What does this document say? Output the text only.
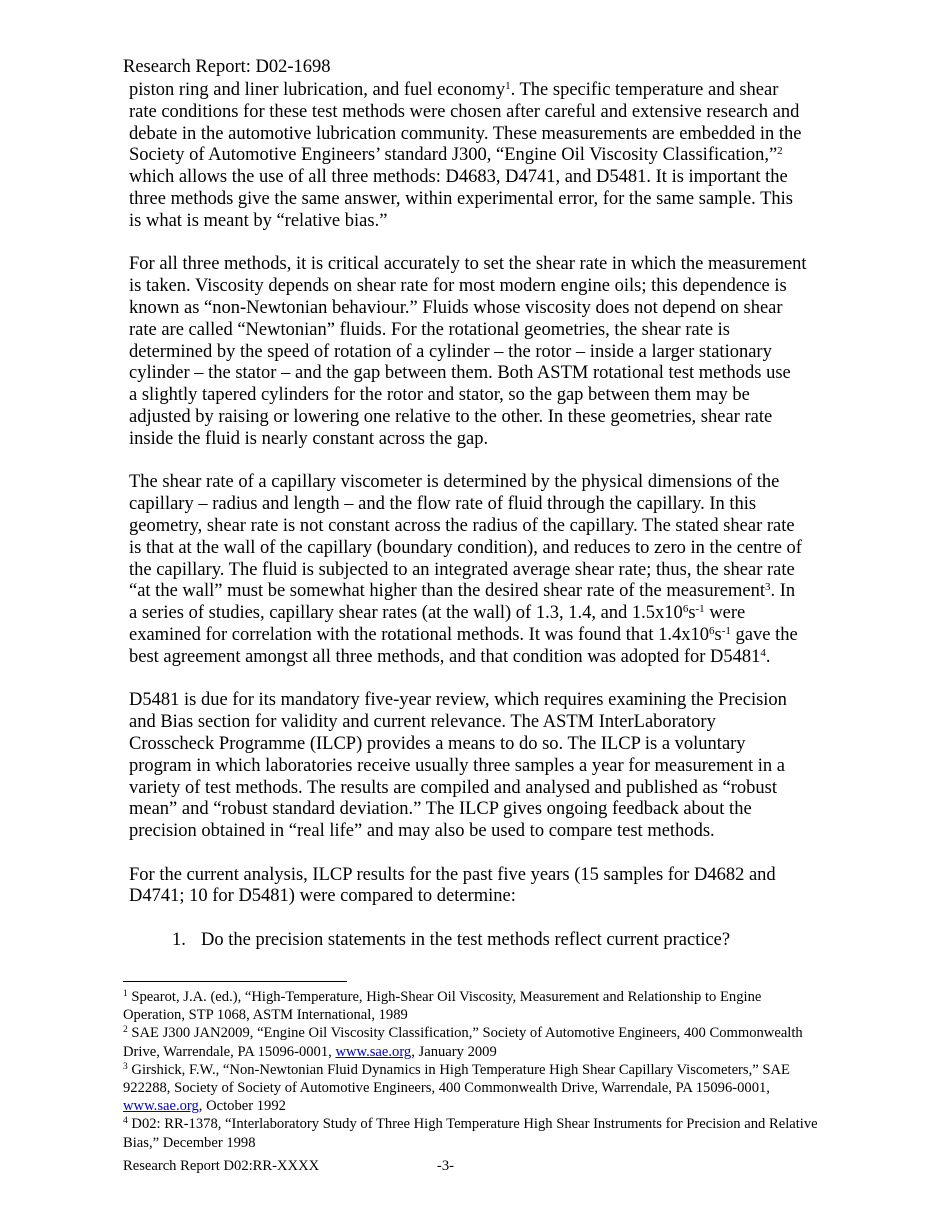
Research Report: D02-1698
piston ring and liner lubrication, and fuel economy$^1$. The specific temperature and shear
rate conditions for these test methods were chosen after careful and extensive research and
debate in the automotive lubrication community. These measurements are embedded in the
Society of Automotive Engineers’ standard J300, “Engine Oil Viscosity Classification,”$^2$
which allows the use of all three methods: D4683, D4741, and D5481. It is important the
three methods give the same answer, within experimental error, for the same sample. This
is what is meant by “relative bias.”
For all three methods, it is critical accurately to set the shear rate in which the measurement
is taken. Viscosity depends on shear rate for most modern engine oils; this dependence is
known as “non-Newtonian behaviour.” Fluids whose viscosity does not depend on shear
rate are called “Newtonian” fluids. For the rotational geometries, the shear rate is
determined by the speed of rotation of a cylinder – the rotor – inside a larger stationary
cylinder – the stator – and the gap between them. Both ASTM rotational test methods use
a slightly tapered cylinders for the rotor and stator, so the gap between them may be
adjusted by raising or lowering one relative to the other. In these geometries, shear rate
inside the fluid is nearly constant across the gap.
The shear rate of a capillary viscometer is determined by the physical dimensions of the
capillary – radius and length – and the flow rate of fluid through the capillary. In this
geometry, shear rate is not constant across the radius of the capillary. The stated shear rate
is that at the wall of the capillary (boundary condition), and reduces to zero in the centre of
the capillary. The fluid is subjected to an integrated average shear rate; thus, the shear rate
“at the wall” must be somewhat higher than the desired shear rate of the measurement$^3$. In
a series of studies, capillary shear rates (at the wall) of 1.3, 1.4, and $1.5x10^6s^{-1}$ were
examined for correlation with the rotational methods. It was found that $1.4x10^6s^{-1}$ gave the
best agreement amongst all three methods, and that condition was adopted for D5481$^4$.
D5481 is due for its mandatory five-year review, which requires examining the Precision
and Bias section for validity and current relevance. The ASTM InterLaboratory
Crosscheck Programme (ILCP) provides a means to do so. The ILCP is a voluntary
program in which laboratories receive usually three samples a year for measurement in a
variety of test methods. The results are compiled and analysed and published as “robust
mean” and “robust standard deviation.” The ILCP gives ongoing feedback about the
precision obtained in “real life” and may also be used to compare test methods.
For the current analysis, ILCP results for the past five years (15 samples for D4682 and
D4741; 10 for D5481) were compared to determine:
1. Do the precision statements in the test methods reflect current practice?

$^1$ Spearot, J.A. (ed.), “High-Temperature, High-Shear Oil Viscosity, Measurement and Relationship to Engine
Operation, STP 1068, ASTM International, 1989

$^2$ SAE J300 JAN2009, “Engine Oil Viscosity Classification,” Society of Automotive Engineers, 400 Commonwealth
Drive, Warrendale, PA 15096-0001, www.sae.org, January 2009

$^3$ Girshick, F.W., “Non-Newtonian Fluid Dynamics in High Temperature High Shear Capillary Viscometers,” SAE
922288, Society of Society of Automotive Engineers, 400 Commonwealth Drive, Warrendale, PA 15096-0001,
www.sae.org, October 1992

$^4$ D02: RR-1378, “Interlaboratory Study of Three High Temperature High Shear Instruments for Precision and Relative
Bias,” December 1998

Research Report D02:RR-XXXX	-3-
